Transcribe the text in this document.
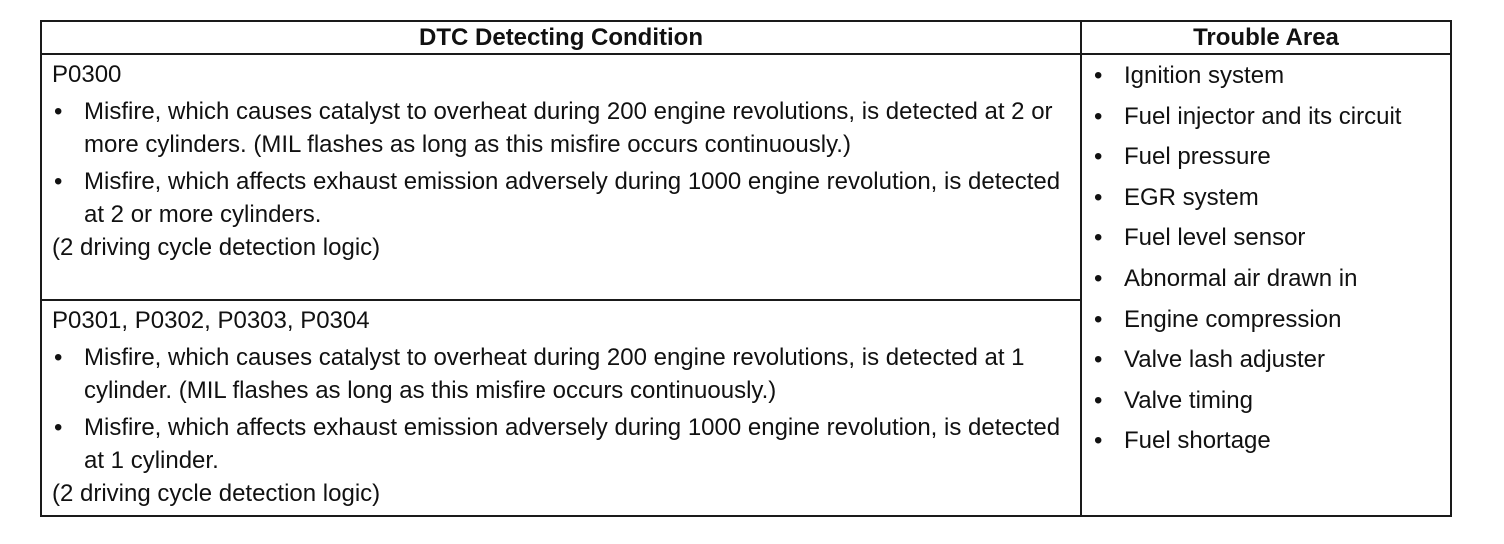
DTC Detecting Condition	Trouble Area

P0300

• Misfire, which causes catalyst to overheat during 200 engine revolutions, is detected at 2 or more cylinders. (MIL flashes as long as this misfire occurs continuously.)
• Misfire, which affects exhaust emission adversely during 1000 engine revolution, is detected at 2 or more cylinders.

(2 driving cycle detection logic)

P0301, P0302, P0303, P0304

• Misfire, which causes catalyst to overheat during 200 engine revolutions, is detected at 1 cylinder. (MIL flashes as long as this misfire occurs continuously.)
• Misfire, which affects exhaust emission adversely during 1000 engine revolution, is detected at 1 cylinder.

(2 driving cycle detection logic)

• Ignition system
• Fuel injector and its circuit
• Fuel pressure
• EGR system
• Fuel level sensor
• Abnormal air drawn in
• Engine compression
• Valve lash adjuster
• Valve timing
• Fuel shortage
